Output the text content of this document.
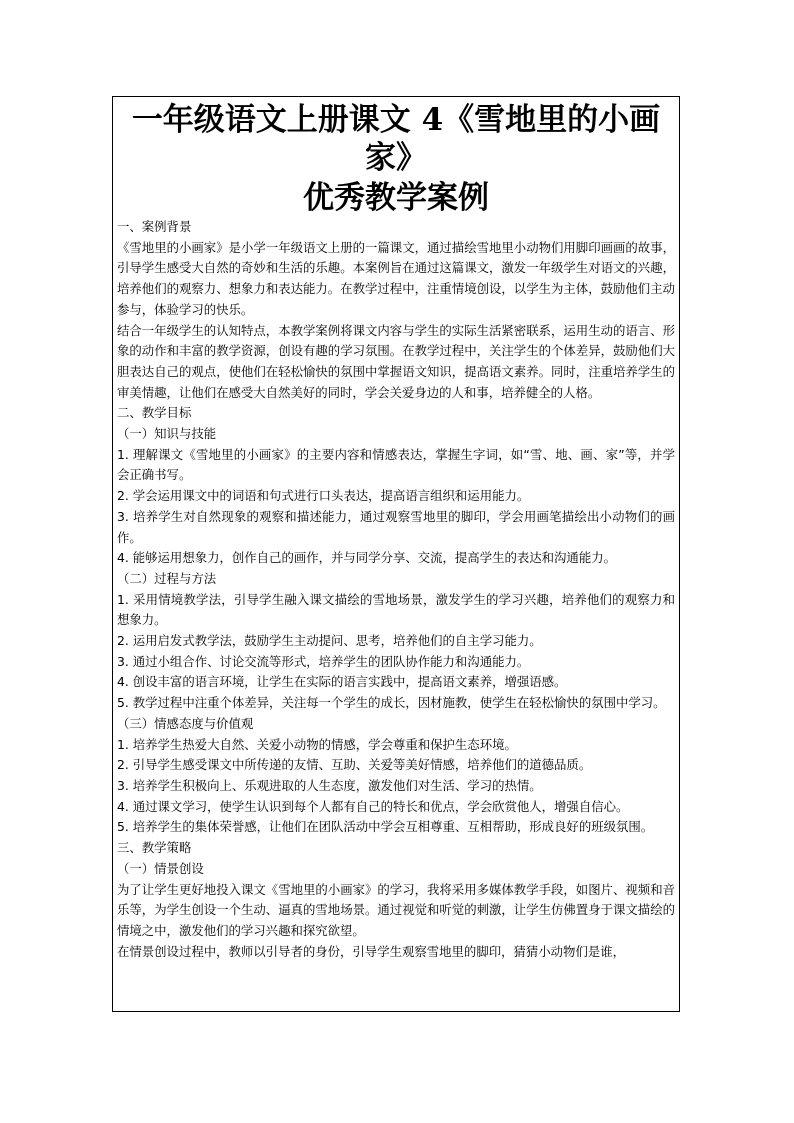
一年级语文上册课文 4《雪地里的小画家》
优秀教学案例

一、案例背景

《雪地里的小画家》是小学一年级语文上册的一篇课文，通过描绘雪地里小动物们用脚印画画的故事，引导学生感受大自然的奇妙和生活的乐趣。本案例旨在通过这篇课文，激发一年级学生对语文的兴趣，培养他们的观察力、想象力和表达能力。在教学过程中，注重情境创设，以学生为主体，鼓励他们主动参与，体验学习的快乐。

结合一年级学生的认知特点，本教学案例将课文内容与学生的实际生活紧密联系，运用生动的语言、形象的动作和丰富的教学资源，创设有趣的学习氛围。在教学过程中，关注学生的个体差异，鼓励他们大胆表达自己的观点，使他们在轻松愉快的氛围中掌握语文知识，提高语文素养。同时，注重培养学生的审美情趣，让他们在感受大自然美好的同时，学会关爱身边的人和事，培养健全的人格。

二、教学目标

（一）知识与技能

1. 理解课文《雪地里的小画家》的主要内容和情感表达，掌握生字词，如“雪、地、画、家”等，并学会正确书写。

2. 学会运用课文中的词语和句式进行口头表达，提高语言组织和运用能力。

3. 培养学生对自然现象的观察和描述能力，通过观察雪地里的脚印，学会用画笔描绘出小动物们的画作。

4. 能够运用想象力，创作自己的画作，并与同学分享、交流，提高学生的表达和沟通能力。

（二）过程与方法

1. 采用情境教学法，引导学生融入课文描绘的雪地场景，激发学生的学习兴趣，培养他们的观察力和想象力。

2. 运用启发式教学法，鼓励学生主动提问、思考，培养他们的自主学习能力。

3. 通过小组合作、讨论交流等形式，培养学生的团队协作能力和沟通能力。

4. 创设丰富的语言环境，让学生在实际的语言实践中，提高语文素养，增强语感。

5. 教学过程中注重个体差异，关注每一个学生的成长，因材施教，使学生在轻松愉快的氛围中学习。

（三）情感态度与价值观

1. 培养学生热爱大自然、关爱小动物的情感，学会尊重和保护生态环境。

2. 引导学生感受课文中所传递的友情、互助、关爱等美好情感，培养他们的道德品质。

3. 培养学生积极向上、乐观进取的人生态度，激发他们对生活、学习的热情。

4. 通过课文学习，使学生认识到每个人都有自己的特长和优点，学会欣赏他人，增强自信心。

5. 培养学生的集体荣誉感，让他们在团队活动中学会互相尊重、互相帮助，形成良好的班级氛围。

三、教学策略

（一）情景创设

为了让学生更好地投入课文《雪地里的小画家》的学习，我将采用多媒体教学手段，如图片、视频和音乐等，为学生创设一个生动、逼真的雪地场景。通过视觉和听觉的刺激，让学生仿佛置身于课文描绘的情境之中，激发他们的学习兴趣和探究欲望。

在情景创设过程中，教师以引导者的身份，引导学生观察雪地里的脚印，猜猜小动物们是谁，
